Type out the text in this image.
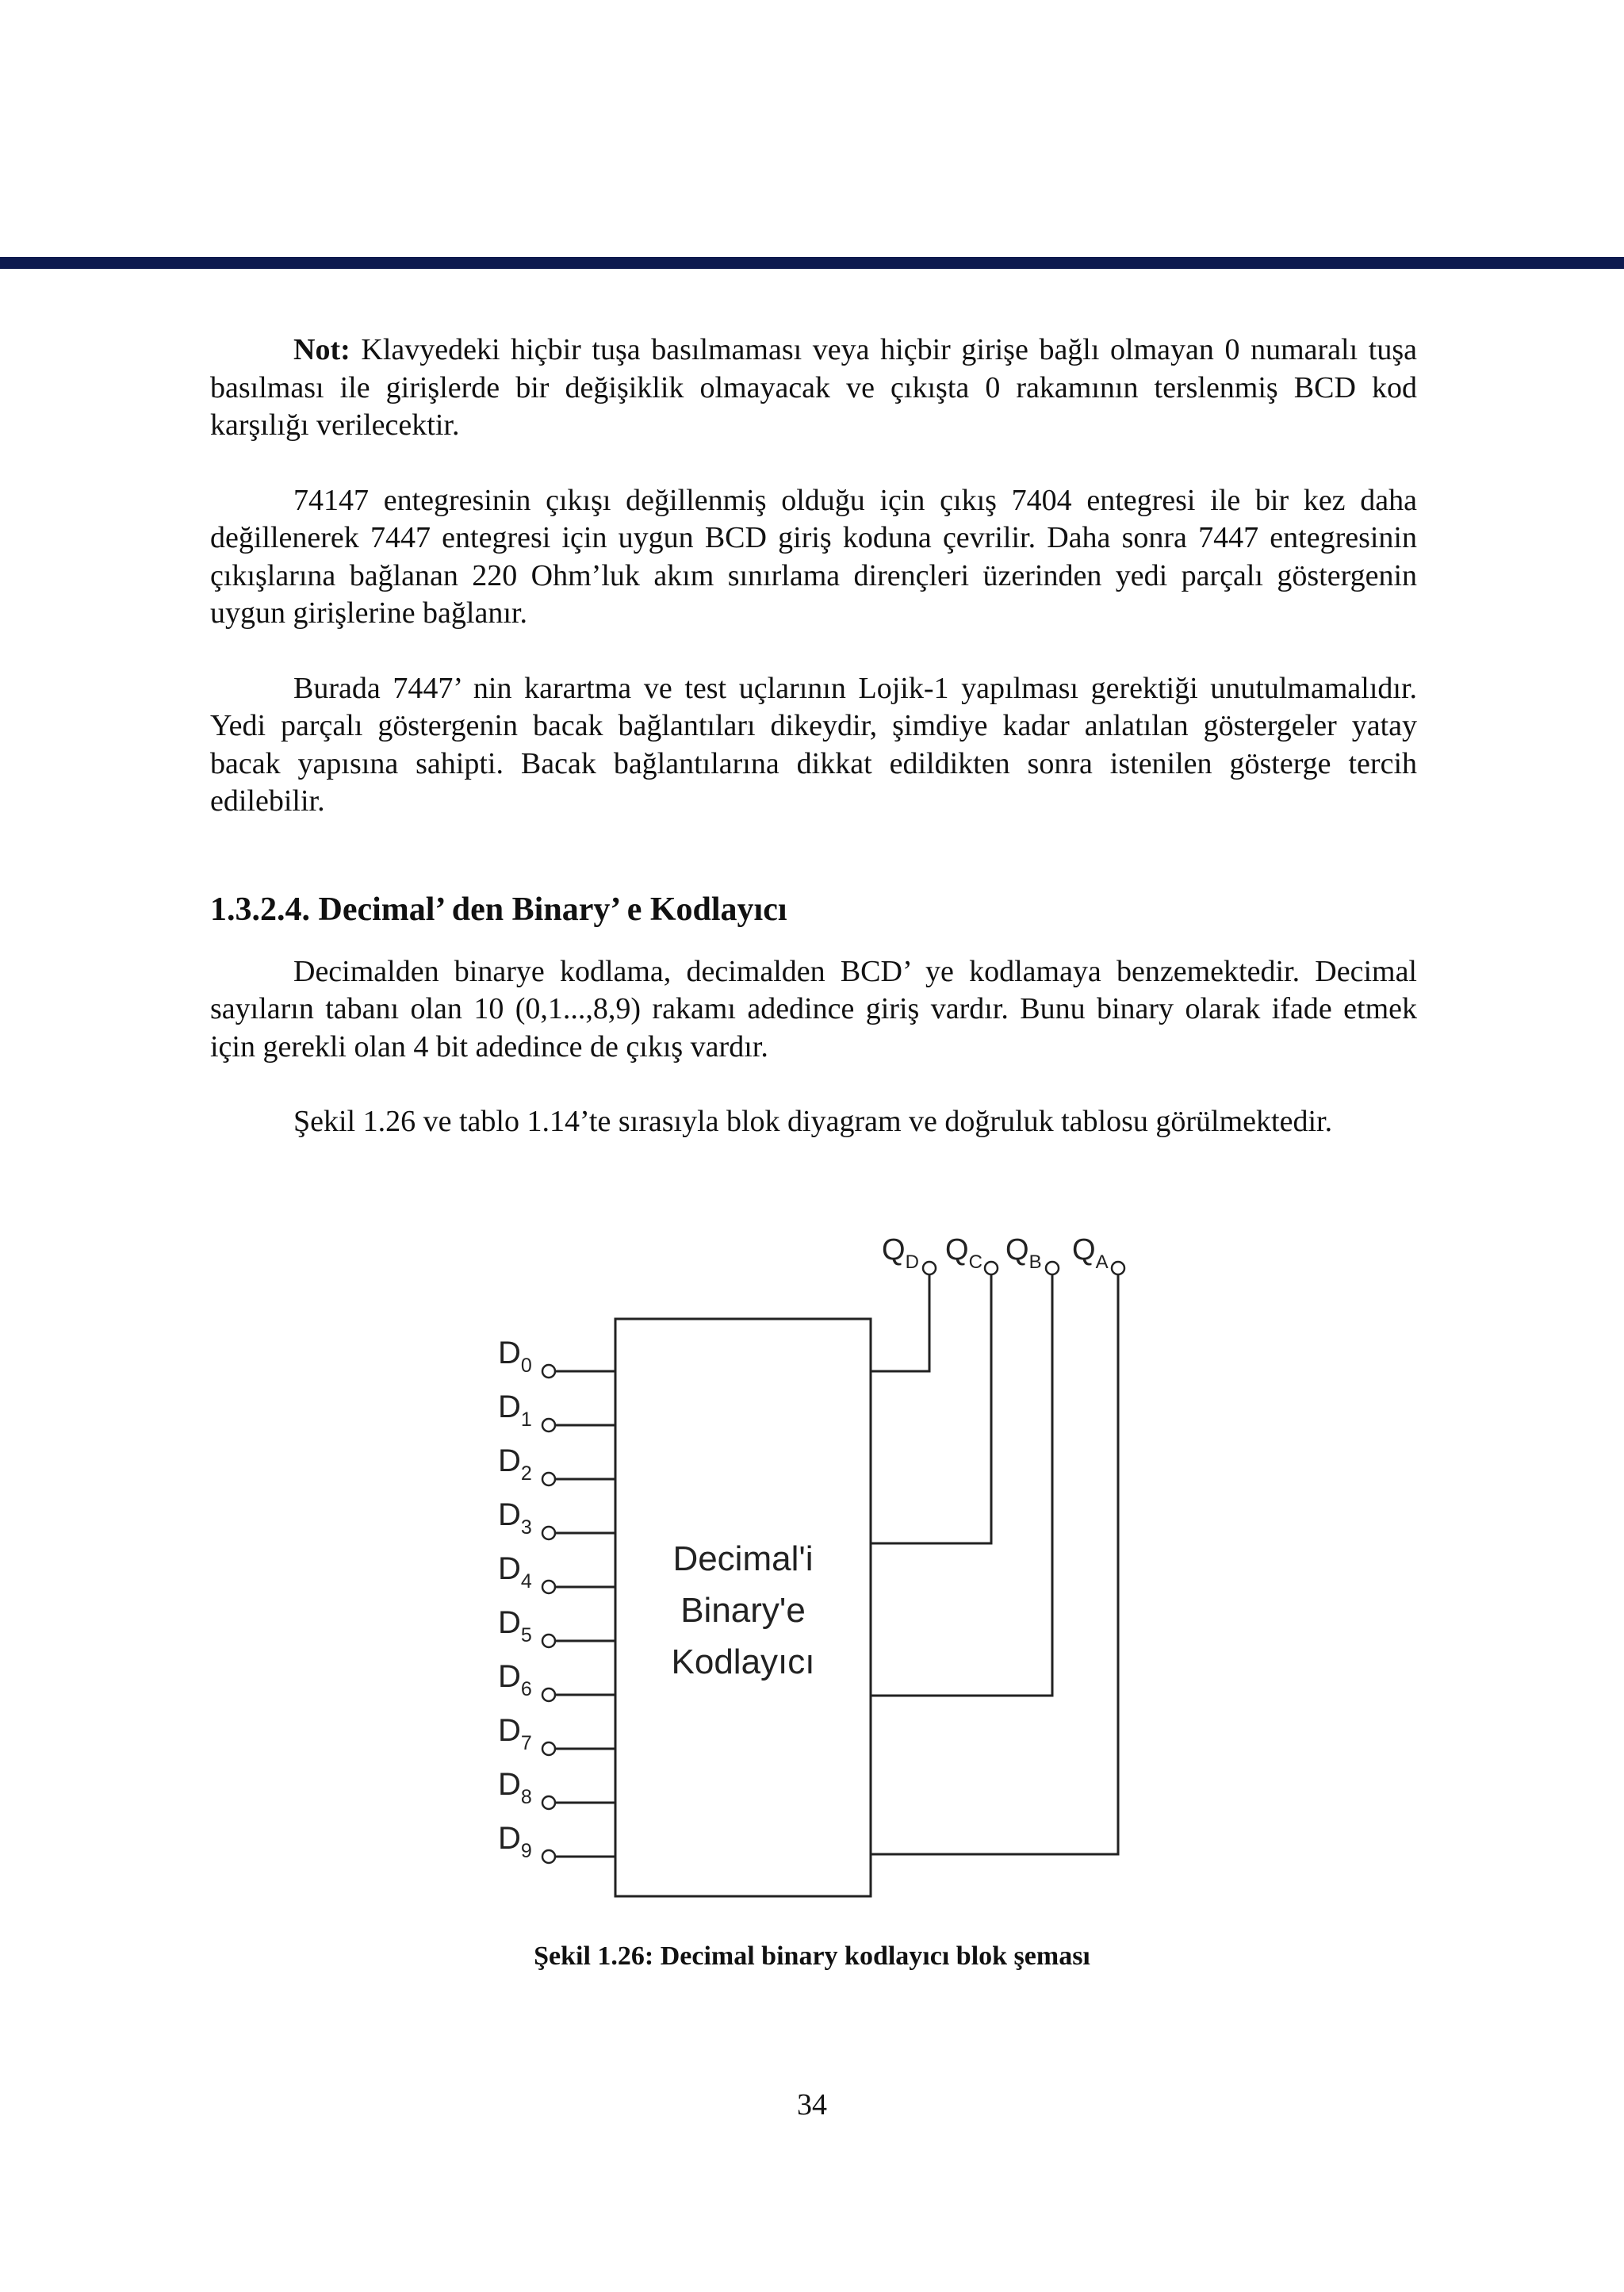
Not: Klavyedeki hiçbir tuşa basılmaması veya hiçbir girişe bağlı olmayan 0 numaralı tuşa basılması ile girişlerde bir değişiklik olmayacak ve çıkışta 0 rakamının terslenmiş BCD kod karşılığı verilecektir.

74147 entegresinin çıkışı değillenmiş olduğu için çıkış 7404 entegresi ile bir kez daha değillenerek 7447 entegresi için uygun BCD giriş koduna çevrilir. Daha sonra 7447 entegresinin çıkışlarına bağlanan 220 Ohm’luk akım sınırlama dirençleri üzerinden yedi parçalı göstergenin uygun girişlerine bağlanır.

Burada 7447’ nin karartma ve test uçlarının Lojik-1 yapılması gerektiği unutulmamalıdır. Yedi parçalı göstergenin bacak bağlantıları dikeydir, şimdiye kadar anlatılan göstergeler yatay bacak yapısına sahipti. Bacak bağlantılarına dikkat edildikten sonra istenilen gösterge tercih edilebilir.

1.3.2.4. Decimal’ den Binary’ e Kodlayıcı

Decimalden binarye kodlama, decimalden BCD’ ye kodlamaya benzemektedir. Decimal sayıların tabanı olan 10 (0,1...,8,9) rakamı adedince giriş vardır. Bunu binary olarak ifade etmek için gerekli olan 4 bit adedince de çıkış vardır.

Şekil 1.26 ve tablo 1.14’te sırasıyla blok diyagram ve doğruluk tablosu görülmektedir.

Decimal'i
Binary'e
Kodlayıcı
$D_0$
$D_1$
$D_2$
$D_3$
$D_4$
$D_5$
$D_6$
$D_7$
$D_8$
$D_9$
$Q_D$ $Q_C$ $Q_B$ $Q_A$
Şekil 1.26: Decimal binary kodlayıcı blok şeması
34
